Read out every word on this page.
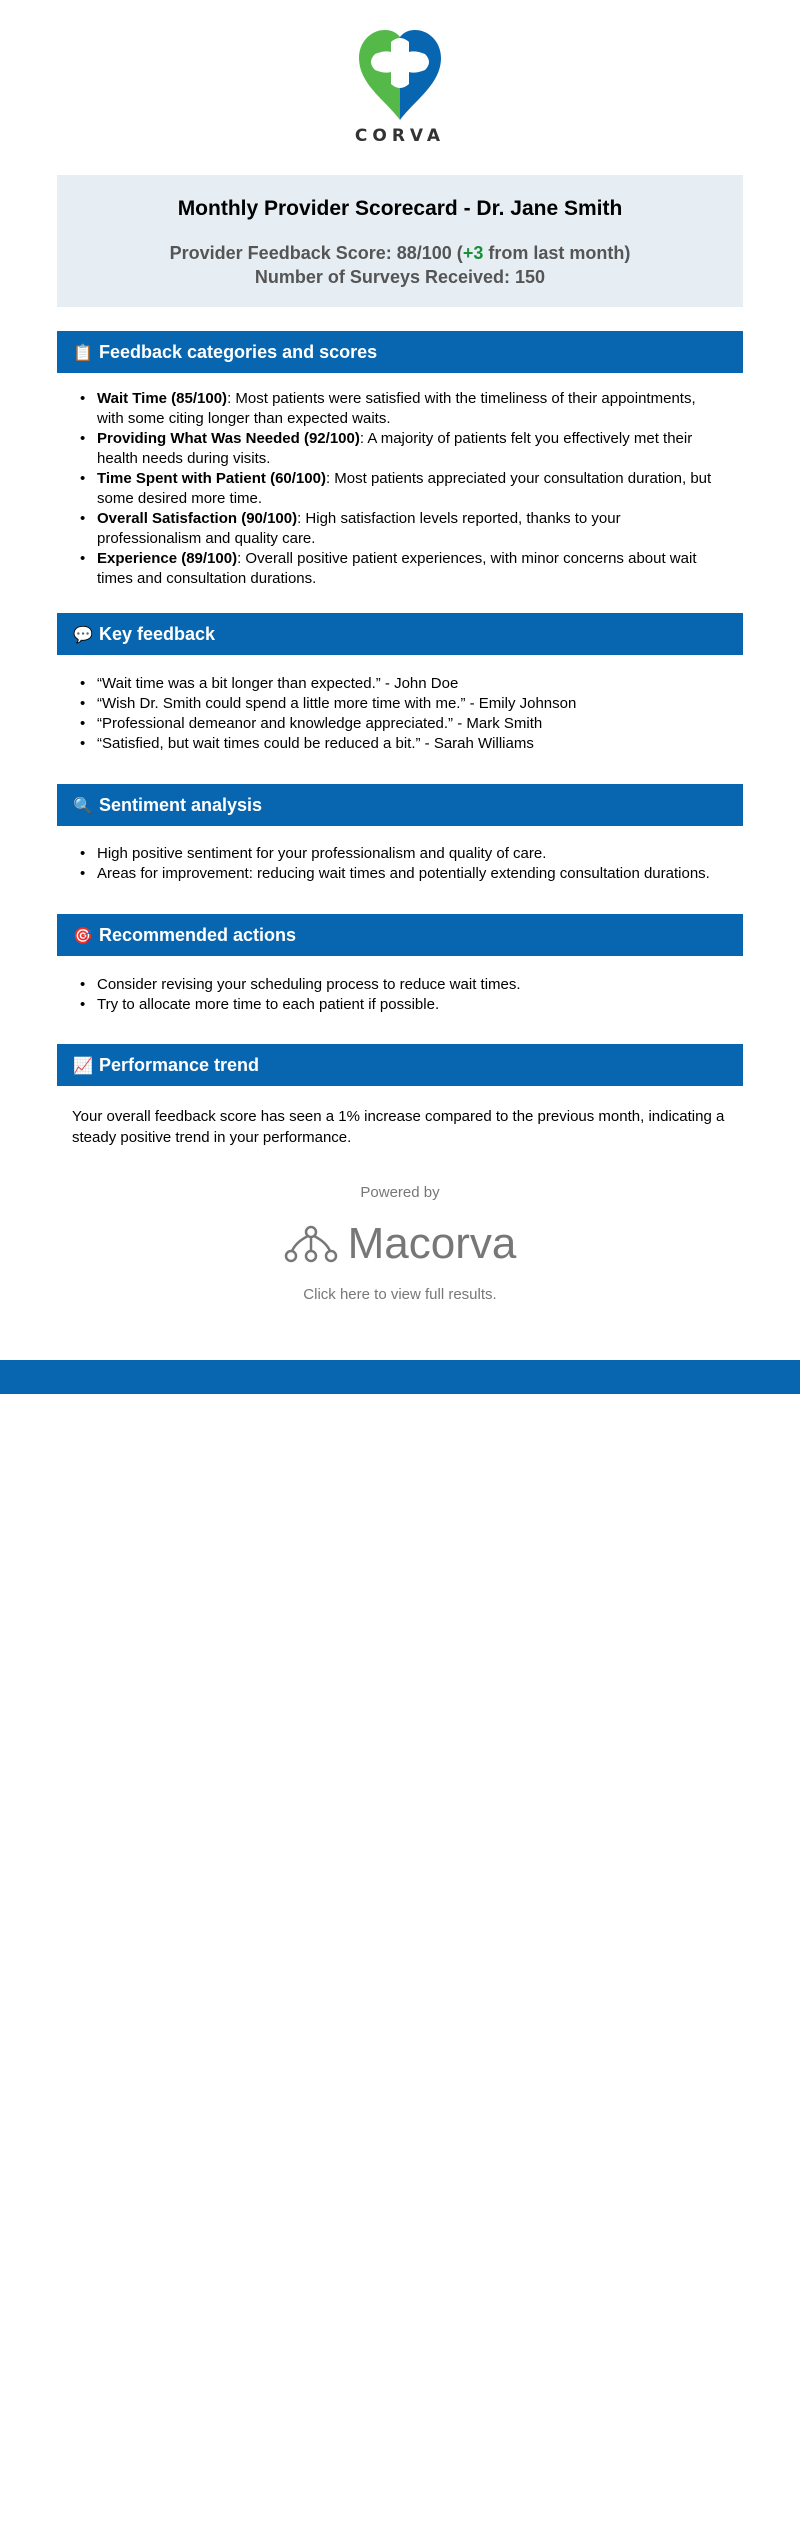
CORVA
Monthly Provider Scorecard - Dr. Jane Smith
Provider Feedback Score: 88/100 (+3 from last month)
Number of Surveys Received: 150
📋 Feedback categories and scores
• Wait Time (85/100): Most patients were satisfied with the timeliness of their appointments, with some citing longer than expected waits.
• Providing What Was Needed (92/100): A majority of patients felt you effectively met their health needs during visits.
• Time Spent with Patient (60/100): Most patients appreciated your consultation duration, but some desired more time.
• Overall Satisfaction (90/100): High satisfaction levels reported, thanks to your professionalism and quality care.
• Experience (89/100): Overall positive patient experiences, with minor concerns about wait times and consultation durations.
💬 Key feedback
• “Wait time was a bit longer than expected.” - John Doe
• “Wish Dr. Smith could spend a little more time with me.” - Emily Johnson
• “Professional demeanor and knowledge appreciated.” - Mark Smith
• “Satisfied, but wait times could be reduced a bit.” - Sarah Williams
🔍 Sentiment analysis
• High positive sentiment for your professionalism and quality of care.
• Areas for improvement: reducing wait times and potentially extending consultation durations.
🎯 Recommended actions
• Consider revising your scheduling process to reduce wait times.
• Try to allocate more time to each patient if possible.
📈 Performance trend
Your overall feedback score has seen a 1% increase compared to the previous month, indicating a steady positive trend in your performance.
Powered by
Macorva
Click here to view full results.
